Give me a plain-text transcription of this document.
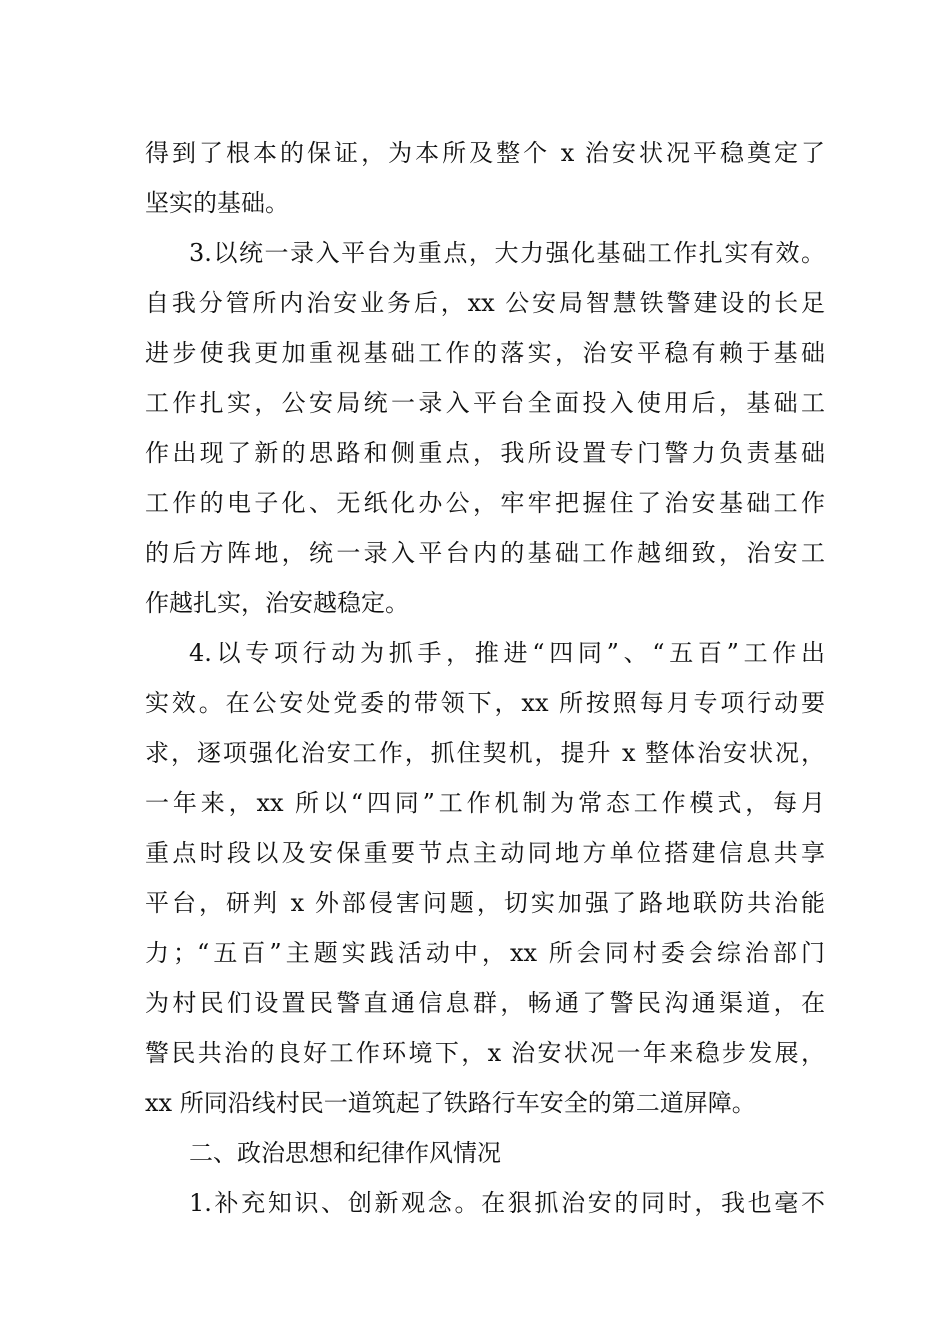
得到了根本的保证，为本所及整个 x 治安状况平稳奠定了
坚实的基础。
3.以统一录入平台为重点，大力强化基础工作扎实有效。
自我分管所内治安业务后，xx 公安局智慧铁警建设的长足
进步使我更加重视基础工作的落实，治安平稳有赖于基础
工作扎实，公安局统一录入平台全面投入使用后，基础工
作出现了新的思路和侧重点，我所设置专门警力负责基础
工作的电子化、无纸化办公，牢牢把握住了治安基础工作
的后方阵地，统一录入平台内的基础工作越细致，治安工
作越扎实，治安越稳定。
4.以专项行动为抓手，推进“四同”、“五百”工作出
实效。在公安处党委的带领下，xx 所按照每月专项行动要
求，逐项强化治安工作，抓住契机，提升 x 整体治安状况，
一年来，xx 所以“四同”工作机制为常态工作模式，每月
重点时段以及安保重要节点主动同地方单位搭建信息共享
平台，研判 x 外部侵害问题，切实加强了路地联防共治能
力；“五百”主题实践活动中，xx 所会同村委会综治部门
为村民们设置民警直通信息群，畅通了警民沟通渠道，在
警民共治的良好工作环境下，x 治安状况一年来稳步发展，
xx 所同沿线村民一道筑起了铁路行车安全的第二道屏障。
二、政治思想和纪律作风情况
1.补充知识、创新观念。在狠抓治安的同时，我也毫不
